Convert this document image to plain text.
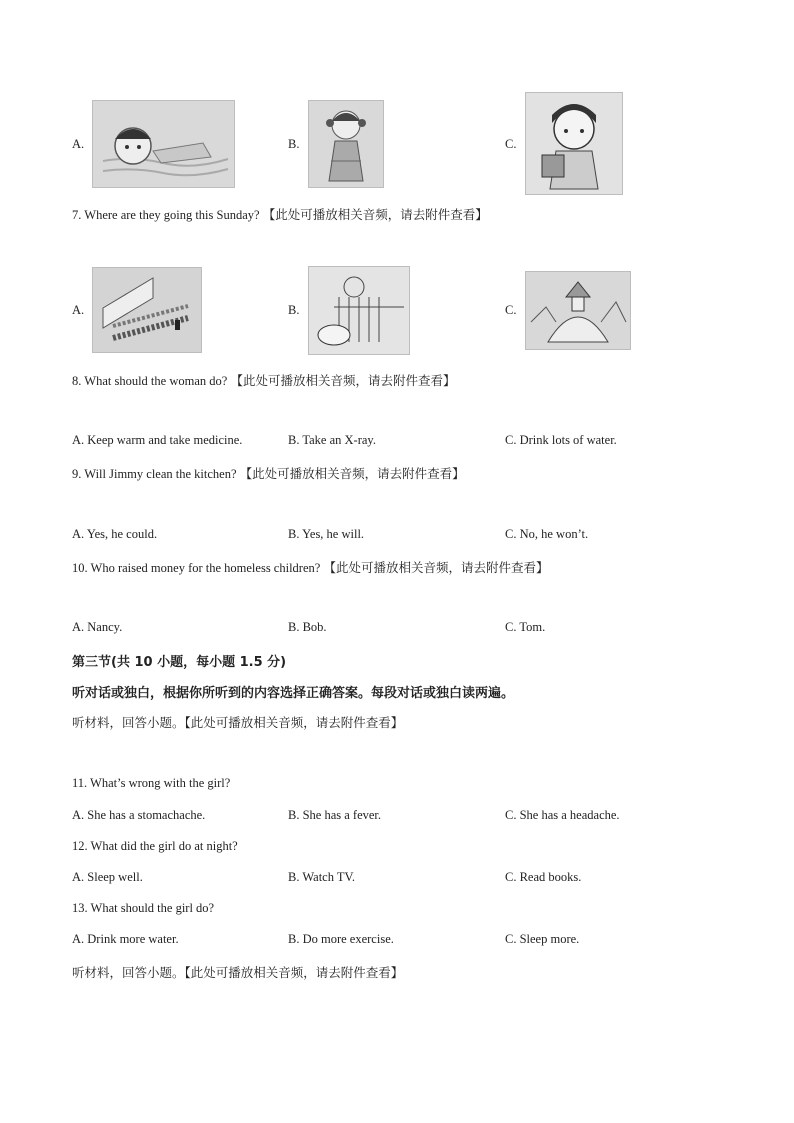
A.	B.	C.
7. Where are they going this Sunday? 【此处可播放相关音频，请去附件查看】
A.	B.	C.
8. What should the woman do? 【此处可播放相关音频，请去附件查看】
A. Keep warm and take medicine.	B. Take an X-ray.	C. Drink lots of water.
9. Will Jimmy clean the kitchen? 【此处可播放相关音频，请去附件查看】
A. Yes, he could.	B. Yes, he will.	C. No, he won’t.
10. Who raised money for the homeless children? 【此处可播放相关音频，请去附件查看】
A. Nancy.	B. Bob.	C. Tom.
第三节(共 10 小题，每小题 1.5 分)
听对话或独白，根据你所听到的内容选择正确答案。每段对话或独白读两遍。
听材料，回答小题。【此处可播放相关音频，请去附件查看】
11. What’s wrong with the girl?
A. She has a stomachache.	B. She has a fever.	C. She has a headache.
12. What did the girl do at night?
A. Sleep well.	B. Watch TV.	C. Read books.
13. What should the girl do?
A. Drink more water.	B. Do more exercise.	C. Sleep more.
听材料，回答小题。【此处可播放相关音频，请去附件查看】
